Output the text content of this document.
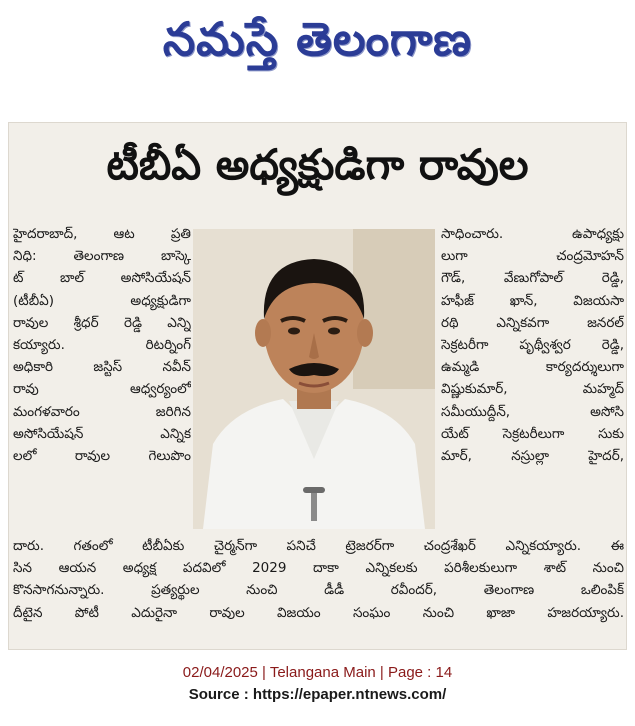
నమస్తే తెలంగాణ
టీబీఏ అధ్యక్షుడిగా రావుల
హైదరాబాద్, ఆట ప్రతి
నిధి: తెలంగాణ బాస్కె
ట్ బాల్ అసోసియేషన్
(టీబీఏ) అధ్యక్షుడిగా
రావుల శ్రీధర్ రెడ్డి ఎన్ని
కయ్యారు. రిటర్నింగ్
అధికారి జస్టిస్ నవీన్
రావు ఆధ్వర్యంలో
మంగళవారం జరిగిన
అసోసియేషన్ ఎన్నిక
లలో రావుల గెలుపొం
సాధించారు. ఉపాధ్యక్షు
లుగా చంద్రమోహన్
గౌడ్, వేణుగోపాల్ రెడ్డి,
హఫీజ్ ఖాన్, విజయసా
రథి ఎన్నికవగా జనరల్
సెక్రటరీగా పృథ్వీశ్వర రెడ్డి,
ఉమ్మడి కార్యదర్శులుగా
విష్ణుకుమార్, మహ్మద్
సమీయుద్దీన్, అసోసి
యేట్ సెక్రటరీలుగా సుకు
మార్, నస్రుల్లా హైదర్,
దారు. గతంలో టీబీఏకు చైర్మన్‌గా పనిచే ట్రెజరర్‌గా చంద్రశేఖర్ ఎన్నికయ్యారు. ఈ
సిన ఆయన అధ్యక్ష పదవిలో 2029 దాకా ఎన్నికలకు పరిశీలకులుగా శాట్ నుంచి
కొనసాగనున్నారు. ప్రత్యర్థుల నుంచి డీడీ రవీందర్, తెలంగాణ ఒలింపిక్
దీటైన పోటీ ఎదురైనా రావుల విజయం సంఘం నుంచి ఖాజా హజరయ్యారు.
02/04/2025 | Telangana Main | Page : 14
Source : https://epaper.ntnews.com/
